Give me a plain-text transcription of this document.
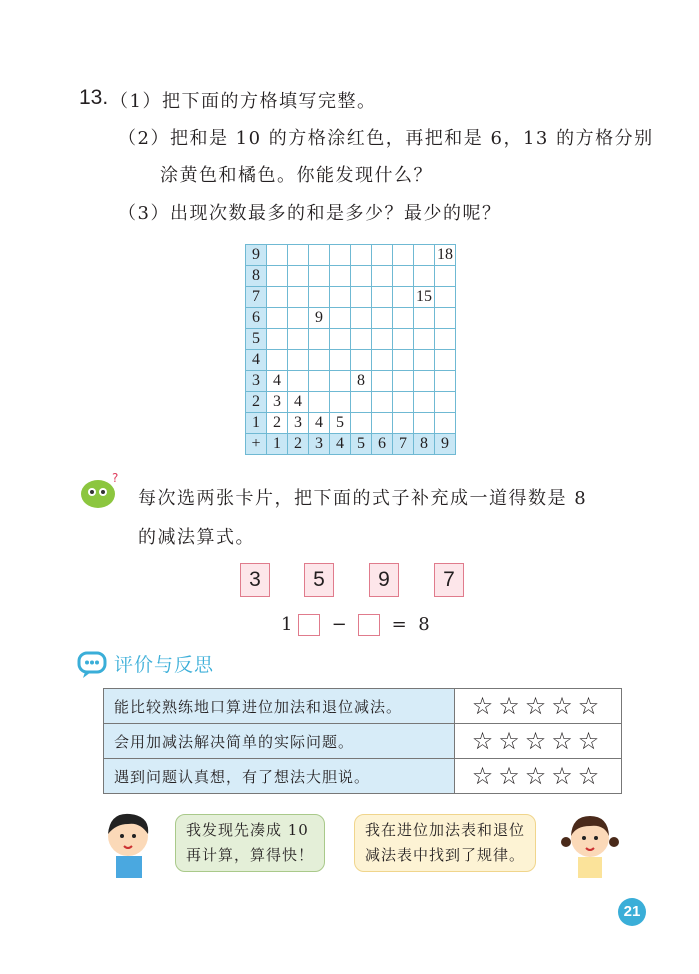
13. （1）把下面的方格填写完整。
（2）把和是 10 的方格涂红色，再把和是 6，13 的方格分别
涂黄色和橘色。你能发现什么？
（3）出现次数最多的和是多少？最少的呢？
9									18
8									
7								15	
6			9						
5									
4									
3	4				8				
2	3	4							
1	2	3	4	5					
+	1	2	3	4	5	6	7	8	9
?
每次选两张卡片，把下面的式子补充成一道得数是 8
的减法算式。
3	5	9	7
1 − = 8
评价与反思
能比较熟练地口算进位加法和退位减法。	☆☆☆☆☆
会用加减法解决简单的实际问题。	☆☆☆☆☆
遇到问题认真想，有了想法大胆说。	☆☆☆☆☆
我发现先凑成 10
再计算，算得快！
我在进位加法表和退位
减法表中找到了规律。
21
